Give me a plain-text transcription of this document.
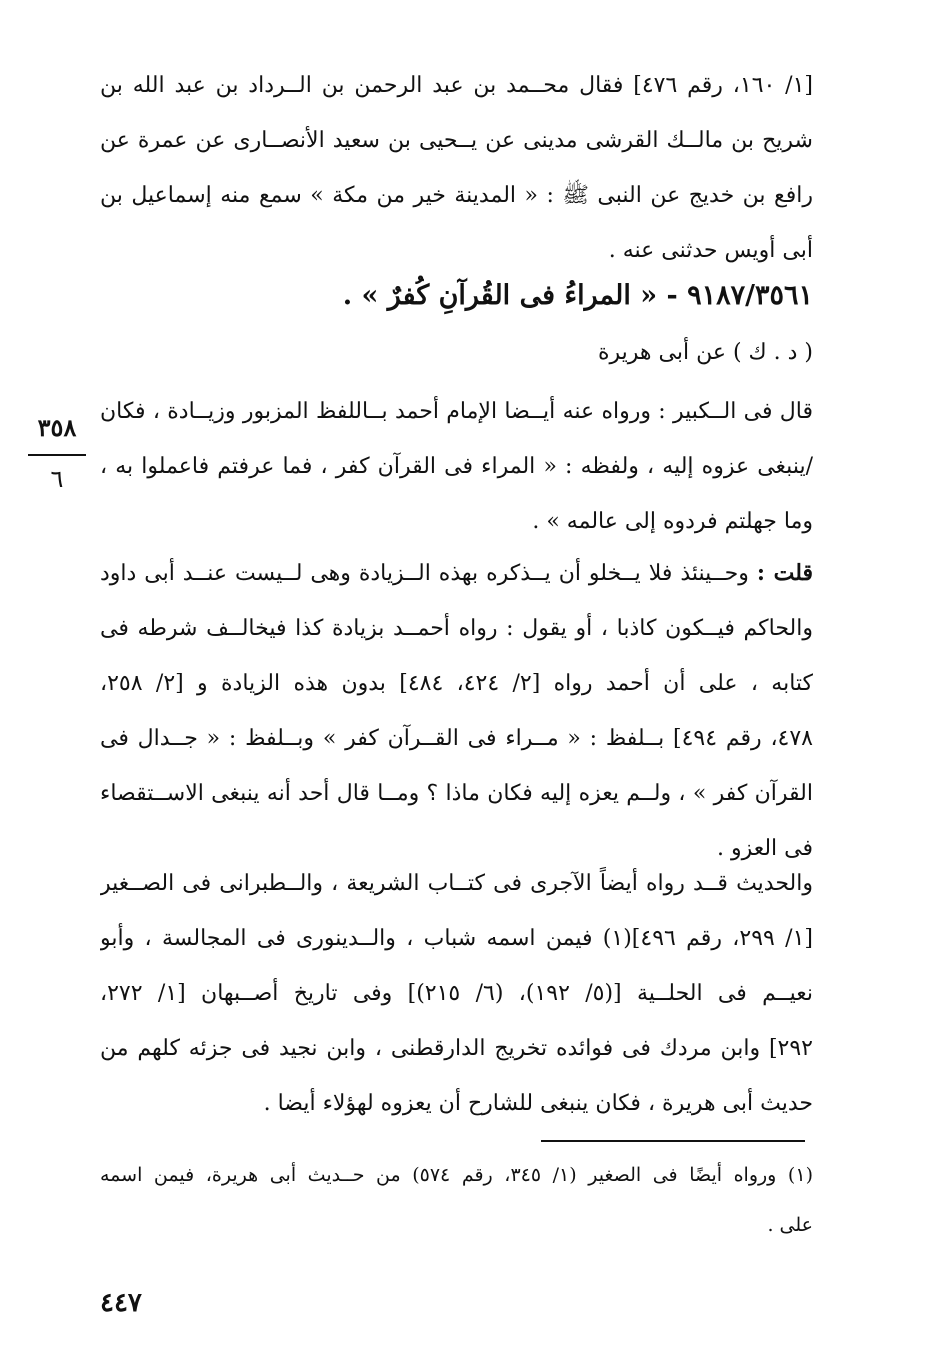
[١/ ١٦٠، رقم ٤٧٦] فقال محــمد بن عبد الرحمن بن الــرداد بن عبد الله بن
شريح بن مالــك القرشى مدينى عن يــحيى بن سعيد الأنصــارى عن عمرة عن
رافع بن خديج عن النبى ﷺ : « المدينة خير من مكة » سمع منه إسماعيل بن
أبى أويس حدثنى عنه .
٩١٨٧/٣٥٦١ - « المراءُ فى القُرآنِ كُفرٌ » .
( د . ك ) عن أبى هريرة
قال فى الــكبير : ورواه عنه أيــضا الإمام أحمد بــاللفظ المزبور وزيــادة ، فكان
/ينبغى عزوه إليه ، ولفظه : « المراء فى القرآن كفر ، فما عرفتم فاعملوا به ،
وما جهلتم فردوه إلى عالمه » .
٣٥٨
٦
قلت : وحــينئذ فلا يــخلو أن يــذكره بهذه الــزيادة وهى لــيست عنــد أبى داود
والحاكم فيــكون كاذبا ، أو يقول : رواه أحمــد بزيادة كذا فيخالــف شرطه فى
كتابه ، على أن أحمد رواه [٢/ ٤٢٤، ٤٨٤] بدون هذه الزيادة و [٢/ ٢٥٨،
٤٧٨، رقم ٤٩٤] بــلفظ : « مــراء فى القــرآن كفر » وبــلفظ : « جــدال فى
القرآن كفر » ، ولــم يعزه إليه فكان ماذا ؟ ومــا قال أحد أنه ينبغى الاســتقصاء
فى العزو .
والحديث قــد رواه أيضاً الآجرى فى كتــاب الشريعة ، والــطبرانى فى الصــغير
[١/ ٢٩٩، رقم ٤٩٦](١) فيمن اسمه شباب ، والــدينورى فى المجالسة ، وأبو
نعيــم فى الحلــية [(٥/ ١٩٢)، (٦/ ٢١٥)] وفى تاريخ أصــبهان [١/ ٢٧٢،
٢٩٢] وابن مردك فى فوائده تخريج الدارقطنى ، وابن نجيد فى جزئه كلهم من
حديث أبى هريرة ، فكان ينبغى للشارح أن يعزوه لهؤلاء أيضا .
(١) ورواه أيضًا فى الصغير (١/ ٣٤٥، رقم ٥٧٤) من حــديث أبى هريرة، فيمن اسمه
على .
٤٤٧
